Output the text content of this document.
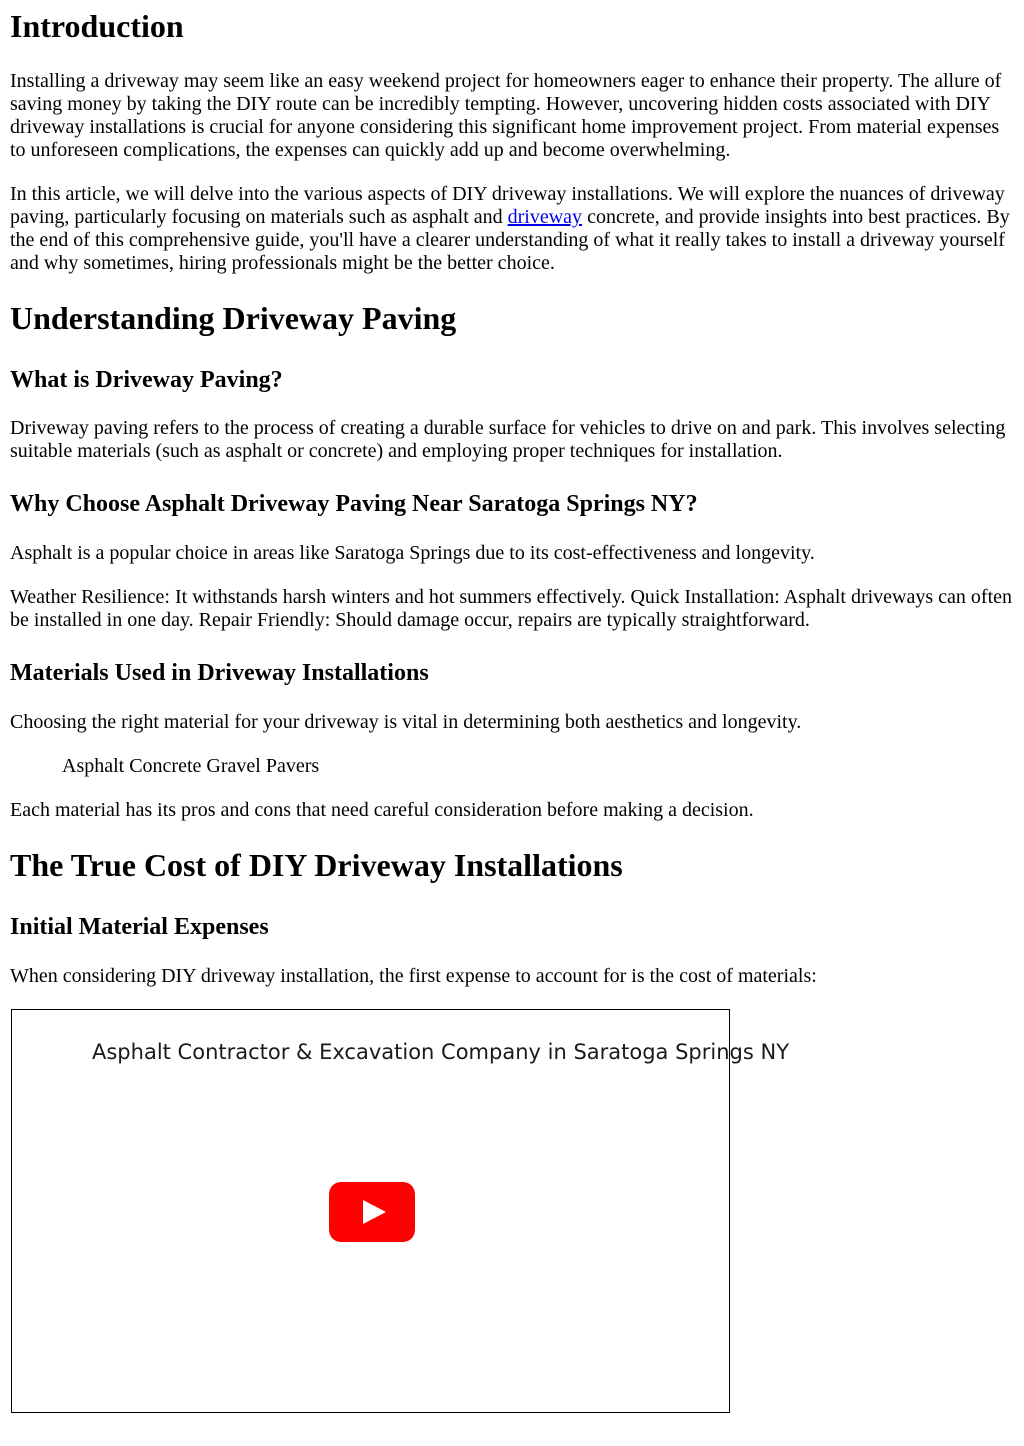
Introduction

Installing a driveway may seem like an easy weekend project for homeowners eager to enhance their property. The allure of saving money by taking the DIY route can be incredibly tempting. However, uncovering hidden costs associated with DIY driveway installations is crucial for anyone considering this significant home improvement project. From material expenses to unforeseen complications, the expenses can quickly add up and become overwhelming.

In this article, we will delve into the various aspects of DIY driveway installations. We will explore the nuances of driveway paving, particularly focusing on materials such as asphalt and driveway concrete, and provide insights into best practices. By the end of this comprehensive guide, you'll have a clearer understanding of what it really takes to install a driveway yourself and why sometimes, hiring professionals might be the better choice.

Understanding Driveway Paving
What is Driveway Paving?

Driveway paving refers to the process of creating a durable surface for vehicles to drive on and park. This involves selecting suitable materials (such as asphalt or concrete) and employing proper techniques for installation.

Why Choose Asphalt Driveway Paving Near Saratoga Springs NY?

Asphalt is a popular choice in areas like Saratoga Springs due to its cost-effectiveness and longevity.

Weather Resilience: It withstands harsh winters and hot summers effectively. Quick Installation: Asphalt driveways can often be installed in one day. Repair Friendly: Should damage occur, repairs are typically straightforward.

Materials Used in Driveway Installations

Choosing the right material for your driveway is vital in determining both aesthetics and longevity.

Asphalt Concrete Gravel Pavers

Each material has its pros and cons that need careful consideration before making a decision.

The True Cost of DIY Driveway Installations
Initial Material Expenses

When considering DIY driveway installation, the first expense to account for is the cost of materials:

Asphalt Contractor & Excavation Company in Saratoga Springs NY
